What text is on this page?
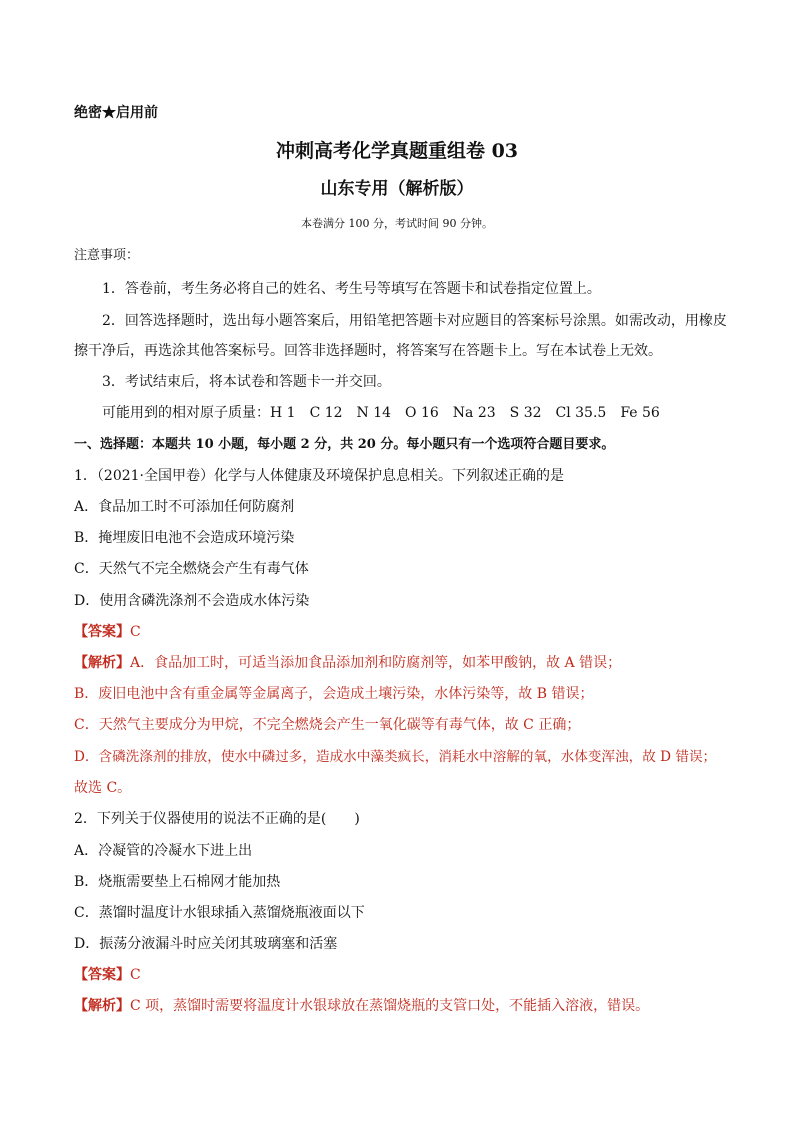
绝密★启用前
冲刺高考化学真题重组卷 03
山东专用（解析版）
本卷满分 100 分，考试时间 90 分钟。
注意事项：
1．答卷前，考生务必将自己的姓名、考生号等填写在答题卡和试卷指定位置上。
2．回答选择题时，选出每小题答案后，用铅笔把答题卡对应题目的答案标号涂黑。如需改动，用橡皮
擦干净后，再选涂其他答案标号。回答非选择题时，将答案写在答题卡上。写在本试卷上无效。
3．考试结束后，将本试卷和答题卡一并交回。
可能用到的相对原子质量：H 1　C 12　N 14　O 16　Na 23　S 32　Cl 35.5　Fe 56
一、选择题：本题共 10 小题，每小题 2 分，共 20 分。每小题只有一个选项符合题目要求。
1．（2021·全国甲卷）化学与人体健康及环境保护息息相关。下列叙述正确的是
A．食品加工时不可添加任何防腐剂
B．掩埋废旧电池不会造成环境污染
C．天然气不完全燃烧会产生有毒气体
D．使用含磷洗涤剂不会造成水体污染
【答案】C
【解析】A．食品加工时，可适当添加食品添加剂和防腐剂等，如苯甲酸钠，故 A 错误；
B．废旧电池中含有重金属等金属离子，会造成土壤污染，水体污染等，故 B 错误；
C．天然气主要成分为甲烷，不完全燃烧会产生一氧化碳等有毒气体，故 C 正确；
D．含磷洗涤剂的排放，使水中磷过多，造成水中藻类疯长，消耗水中溶解的氧，水体变浑浊，故 D 错误；
故选 C。
2．下列关于仪器使用的说法不正确的是(　　)
A．冷凝管的冷凝水下进上出
B．烧瓶需要垫上石棉网才能加热
C．蒸馏时温度计水银球插入蒸馏烧瓶液面以下
D．振荡分液漏斗时应关闭其玻璃塞和活塞
【答案】C
【解析】C 项，蒸馏时需要将温度计水银球放在蒸馏烧瓶的支管口处，不能插入溶液，错误。
